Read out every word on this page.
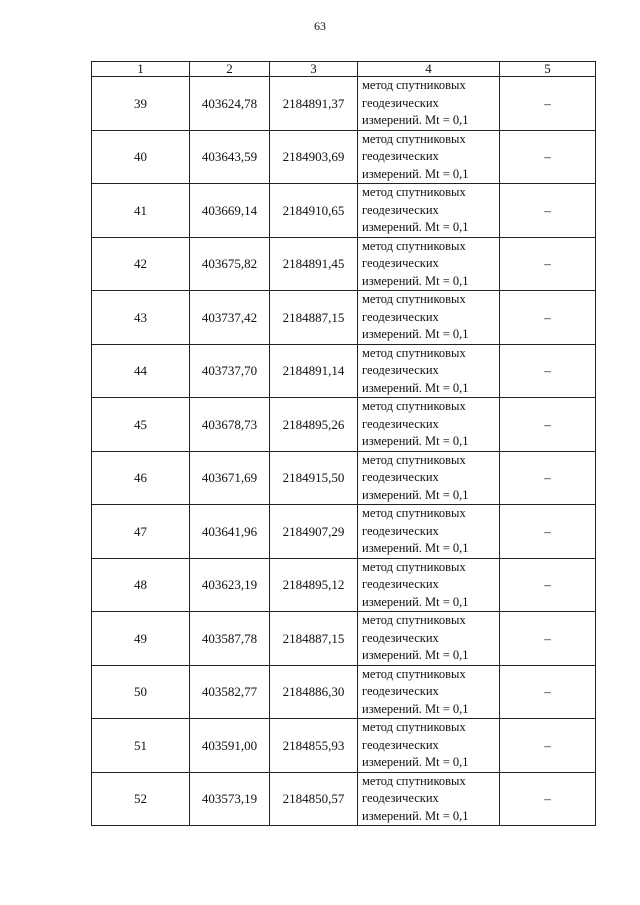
63
1	2	3	4	5
39	403624,78	2184891,37	метод спутниковых
геодезических
измерений. Mt = 0,1	–
40	403643,59	2184903,69	метод спутниковых
геодезических
измерений. Mt = 0,1	–
41	403669,14	2184910,65	метод спутниковых
геодезических
измерений. Mt = 0,1	–
42	403675,82	2184891,45	метод спутниковых
геодезических
измерений. Mt = 0,1	–
43	403737,42	2184887,15	метод спутниковых
геодезических
измерений. Mt = 0,1	–
44	403737,70	2184891,14	метод спутниковых
геодезических
измерений. Mt = 0,1	–
45	403678,73	2184895,26	метод спутниковых
геодезических
измерений. Mt = 0,1	–
46	403671,69	2184915,50	метод спутниковых
геодезических
измерений. Mt = 0,1	–
47	403641,96	2184907,29	метод спутниковых
геодезических
измерений. Mt = 0,1	–
48	403623,19	2184895,12	метод спутниковых
геодезических
измерений. Mt = 0,1	–
49	403587,78	2184887,15	метод спутниковых
геодезических
измерений. Mt = 0,1	–
50	403582,77	2184886,30	метод спутниковых
геодезических
измерений. Mt = 0,1	–
51	403591,00	2184855,93	метод спутниковых
геодезических
измерений. Mt = 0,1	–
52	403573,19	2184850,57	метод спутниковых
геодезических
измерений. Mt = 0,1	–
